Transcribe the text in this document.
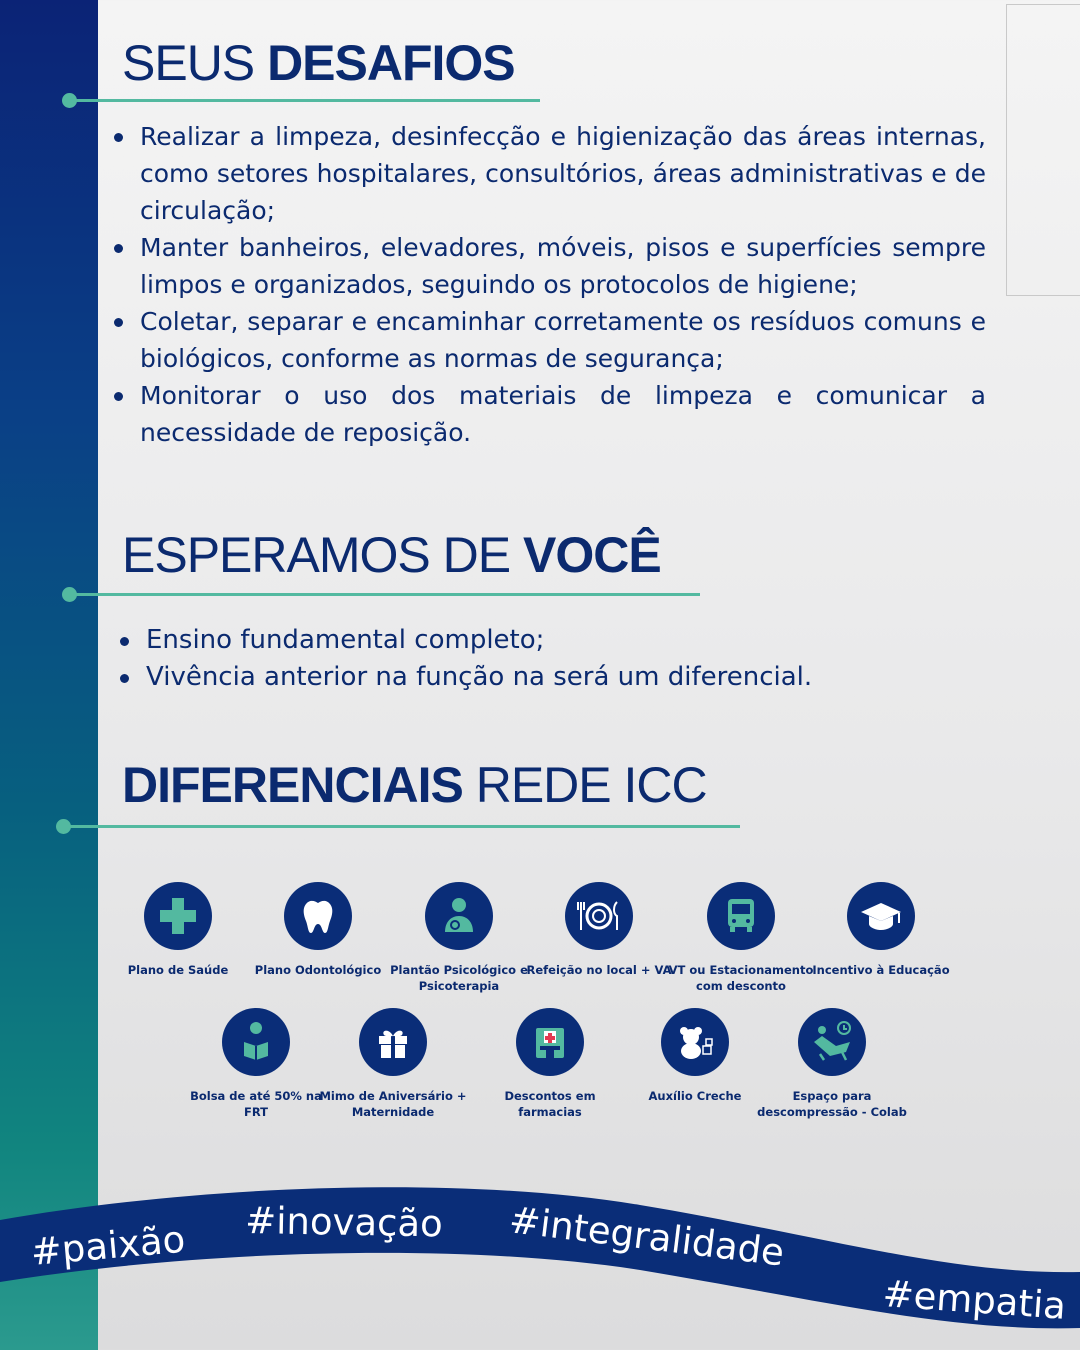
SEUS DESAFIOS
Realizar a limpeza, desinfecção e higienização das áreas internas, como setores hospitalares, consultórios, áreas administrativas e de circulação;
Manter banheiros, elevadores, móveis, pisos e superfícies sempre limpos e organizados, seguindo os protocolos de higiene;
Coletar, separar e encaminhar corretamente os resíduos comuns e biológicos, conforme as normas de segurança;
Monitorar o uso dos materiais de limpeza e comunicar a necessidade de reposição.
ESPERAMOS DE VOCÊ
Ensino fundamental completo;
Vivência anterior na função na será um diferencial.
DIFERENCIAIS REDE ICC
Plano de Saúde	Plano Odontológico Plantão Psicológico e Psicoterapia
Refeição no local + VA
VT ou Estacionamento com desconto
Incentivo à Educação
Bolsa de até 50% na FRT
Mimo de Aniversário + Maternidade
Descontos em farmacias
Auxílio Creche	Espaço para descompressão - Colab
#paixão #inovação #integralidade
#empatia
